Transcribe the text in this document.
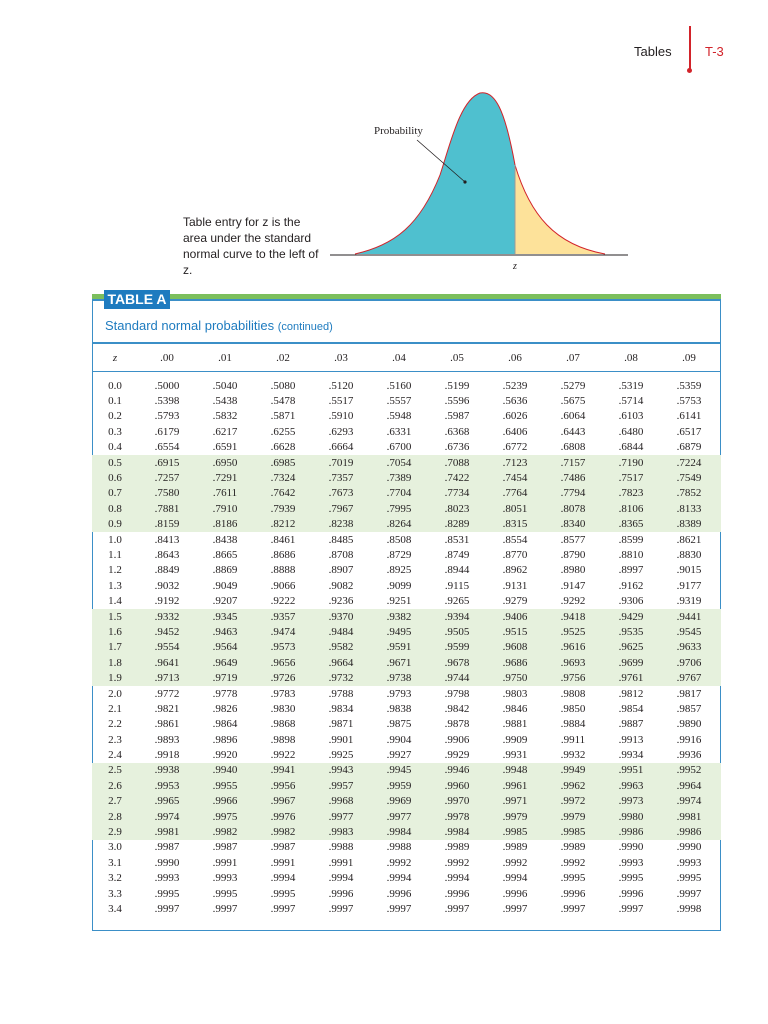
Tables	T-3
Probability
z
Table entry for z is the area under the standard normal curve to the left of z.
TABLE A
Standard normal probabilities (continued)
z	.00	.01	.02	.03	.04	.05	.06	.07	.08	.09
0.0	.5000	.5040	.5080	.5120	.5160	.5199	.5239	.5279	.5319	.5359
0.1	.5398	.5438	.5478	.5517	.5557	.5596	.5636	.5675	.5714	.5753
0.2	.5793	.5832	.5871	.5910	.5948	.5987	.6026	.6064	.6103	.6141
0.3	.6179	.6217	.6255	.6293	.6331	.6368	.6406	.6443	.6480	.6517
0.4	.6554	.6591	.6628	.6664	.6700	.6736	.6772	.6808	.6844	.6879
0.5	.6915	.6950	.6985	.7019	.7054	.7088	.7123	.7157	.7190	.7224
0.6	.7257	.7291	.7324	.7357	.7389	.7422	.7454	.7486	.7517	.7549
0.7	.7580	.7611	.7642	.7673	.7704	.7734	.7764	.7794	.7823	.7852
0.8	.7881	.7910	.7939	.7967	.7995	.8023	.8051	.8078	.8106	.8133
0.9	.8159	.8186	.8212	.8238	.8264	.8289	.8315	.8340	.8365	.8389
1.0	.8413	.8438	.8461	.8485	.8508	.8531	.8554	.8577	.8599	.8621
1.1	.8643	.8665	.8686	.8708	.8729	.8749	.8770	.8790	.8810	.8830
1.2	.8849	.8869	.8888	.8907	.8925	.8944	.8962	.8980	.8997	.9015
1.3	.9032	.9049	.9066	.9082	.9099	.9115	.9131	.9147	.9162	.9177
1.4	.9192	.9207	.9222	.9236	.9251	.9265	.9279	.9292	.9306	.9319
1.5	.9332	.9345	.9357	.9370	.9382	.9394	.9406	.9418	.9429	.9441
1.6	.9452	.9463	.9474	.9484	.9495	.9505	.9515	.9525	.9535	.9545
1.7	.9554	.9564	.9573	.9582	.9591	.9599	.9608	.9616	.9625	.9633
1.8	.9641	.9649	.9656	.9664	.9671	.9678	.9686	.9693	.9699	.9706
1.9	.9713	.9719	.9726	.9732	.9738	.9744	.9750	.9756	.9761	.9767
2.0	.9772	.9778	.9783	.9788	.9793	.9798	.9803	.9808	.9812	.9817
2.1	.9821	.9826	.9830	.9834	.9838	.9842	.9846	.9850	.9854	.9857
2.2	.9861	.9864	.9868	.9871	.9875	.9878	.9881	.9884	.9887	.9890
2.3	.9893	.9896	.9898	.9901	.9904	.9906	.9909	.9911	.9913	.9916
2.4	.9918	.9920	.9922	.9925	.9927	.9929	.9931	.9932	.9934	.9936
2.5	.9938	.9940	.9941	.9943	.9945	.9946	.9948	.9949	.9951	.9952
2.6	.9953	.9955	.9956	.9957	.9959	.9960	.9961	.9962	.9963	.9964
2.7	.9965	.9966	.9967	.9968	.9969	.9970	.9971	.9972	.9973	.9974
2.8	.9974	.9975	.9976	.9977	.9977	.9978	.9979	.9979	.9980	.9981
2.9	.9981	.9982	.9982	.9983	.9984	.9984	.9985	.9985	.9986	.9986
3.0	.9987	.9987	.9987	.9988	.9988	.9989	.9989	.9989	.9990	.9990
3.1	.9990	.9991	.9991	.9991	.9992	.9992	.9992	.9992	.9993	.9993
3.2	.9993	.9993	.9994	.9994	.9994	.9994	.9994	.9995	.9995	.9995
3.3	.9995	.9995	.9995	.9996	.9996	.9996	.9996	.9996	.9996	.9997
3.4	.9997	.9997	.9997	.9997	.9997	.9997	.9997	.9997	.9997	.9998
